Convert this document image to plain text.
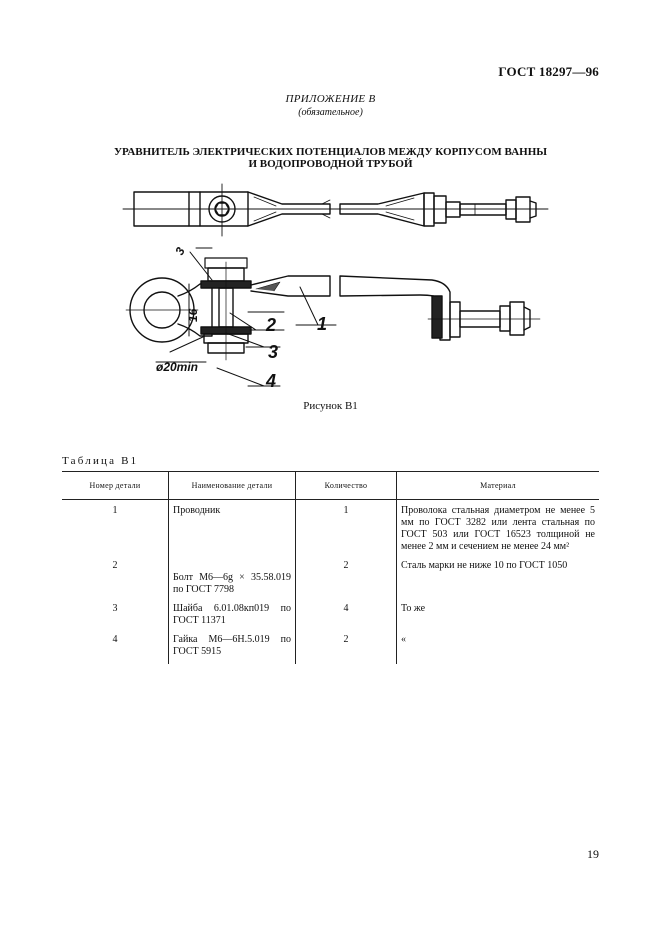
ГОСТ 18297—96
ПРИЛОЖЕНИЕ В
(обязательное)
УРАВНИТЕЛЬ ЭЛЕКТРИЧЕСКИХ ПОТЕНЦИАЛОВ МЕЖДУ КОРПУСОМ ВАННЫ
И ВОДОПРОВОДНОЙ ТРУБОЙ
3
16
ø20min
1
2
3
4
Рисунок В1
Таблица В1
Номер детали	Наименование детали	Количество	Материал
1	Проводник	1	Проволока стальная диаметром не менее 5 мм по ГОСТ 3282 или лента стальная по ГОСТ 503 или ГОСТ 16523 толщиной не менее 2 мм и сечением не менее 24 мм²
2	Болт М6—6g × 35.58.019 по ГОСТ 7798	2	Сталь марки не ниже 10 по ГОСТ 1050
3	Шайба 6.01.08кп019 по ГОСТ 11371	4	То же
4	Гайка М6—6Н.5.019 по ГОСТ 5915	2	«
19
